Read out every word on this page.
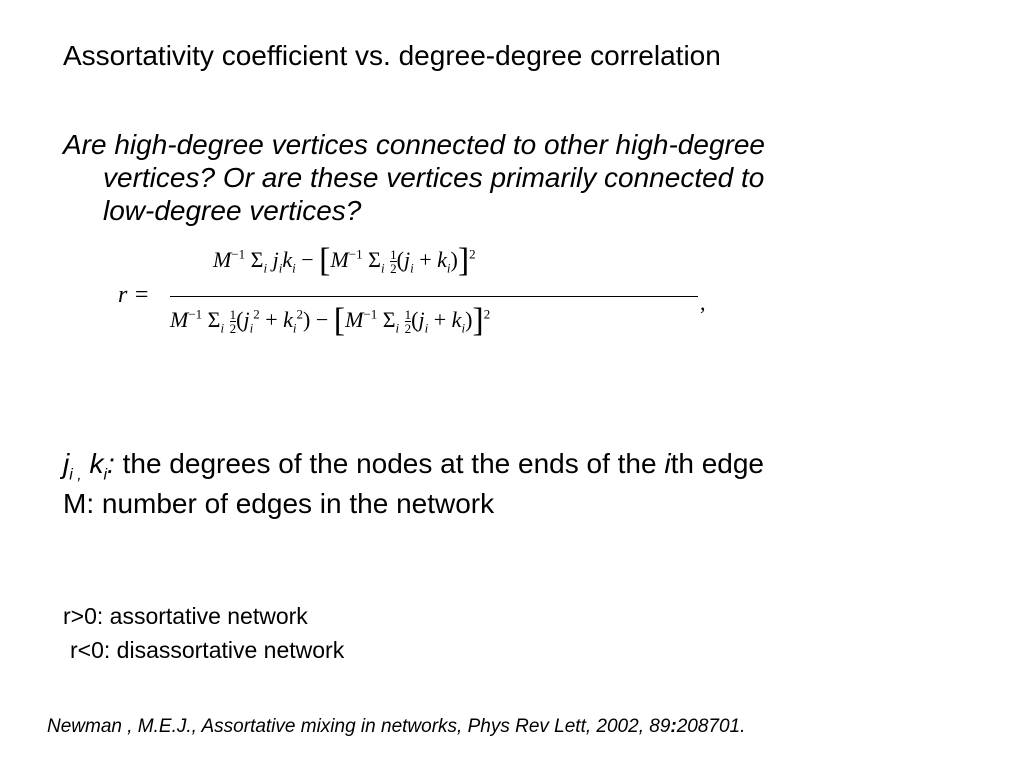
Assortativity coefficient vs. degree-degree correlation
Are high-degree vertices connected to other high-degree
vertices? Or are these vertices primarily connected to
low-degree vertices?
r =
$M^{-1}$ $\Sigma_i$ $j_ik_i - [M^{-1}$ $\Sigma_i \frac{1}{2} (j_i + k_i)]^2$
$M^{-1}$ $\Sigma_i \frac{1}{2} (j_i^2 + k_i^2) - [M^{-1}$ $\Sigma_i \frac{1}{2} (j_i + k_i)]^2$	,
$j_{i ,}$ $k_i$: the degrees of the nodes at the ends of the ith edge
M: number of edges in the network
r>0: assortative network
r<0: disassortative network
Newman , M.E.J., Assortative mixing in networks, Phys Rev Lett, 2002, 89:208701.
